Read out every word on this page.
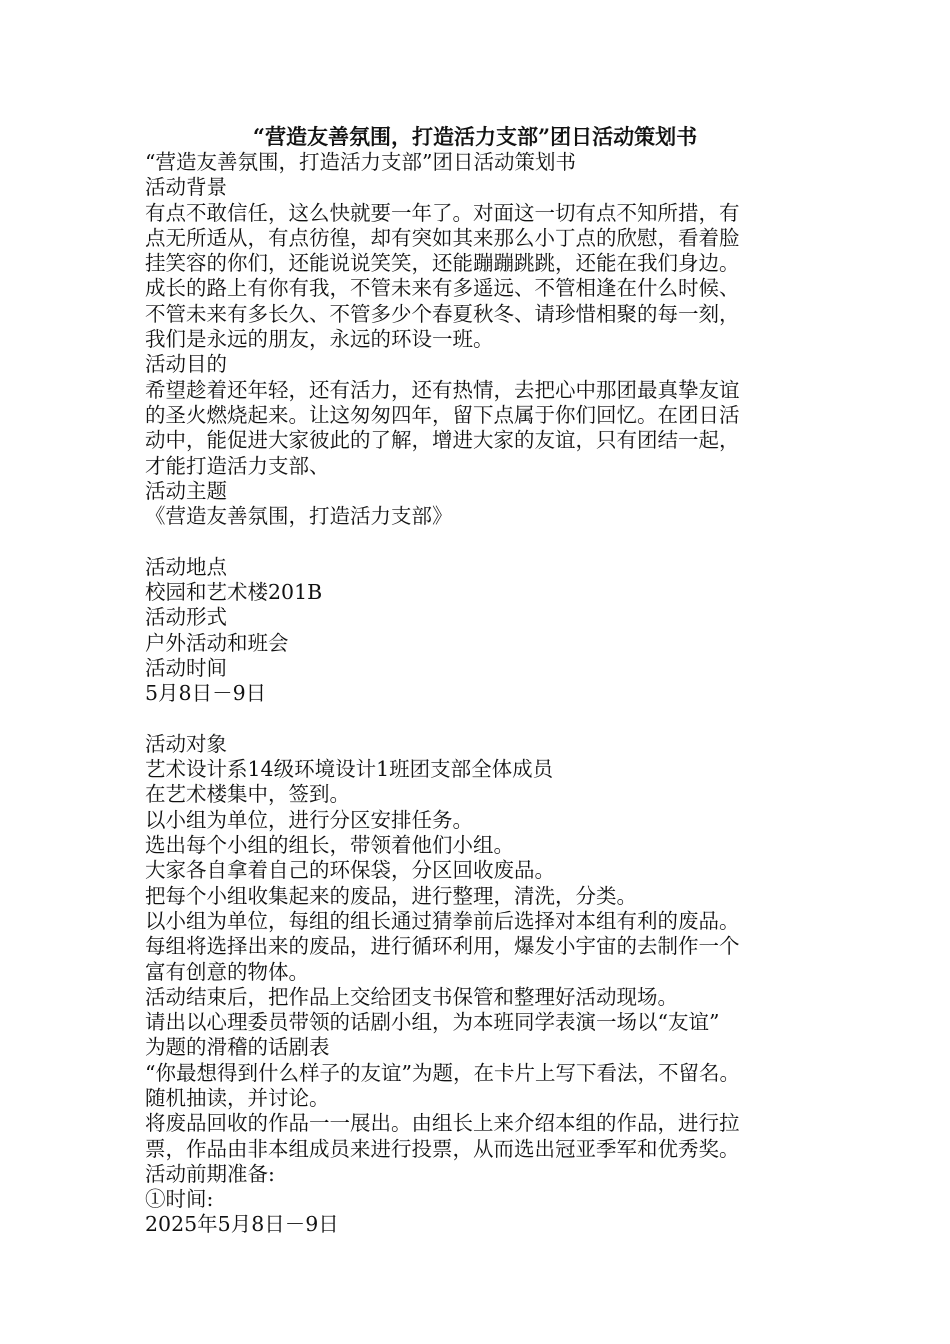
“营造友善氛围，打造活力支部”团日活动策划书
“营造友善氛围，打造活力支部”团日活动策划书
活动背景
有点不敢信任，这么快就要一年了。对面这一切有点不知所措，有
点无所适从，有点彷徨，却有突如其来那么小丁点的欣慰，看着脸
挂笑容的你们，还能说说笑笑，还能蹦蹦跳跳，还能在我们身边。
成长的路上有你有我，不管未来有多遥远、不管相逢在什么时候、
不管未来有多长久、不管多少个春夏秋冬、请珍惜相聚的每一刻，
我们是永远的朋友，永远的环设一班。
活动目的
希望趁着还年轻，还有活力，还有热情，去把心中那团最真挚友谊
的圣火燃烧起来。让这匆匆四年，留下点属于你们回忆。在团日活
动中，能促进大家彼此的了解，增进大家的友谊，只有团结一起，
才能打造活力支部、
活动主题
《营造友善氛围，打造活力支部》
活动地点
校园和艺术楼201B
活动形式
户外活动和班会
活动时间
5月8日－9日
活动对象
艺术设计系14级环境设计1班团支部全体成员
在艺术楼集中，签到。
以小组为单位，进行分区安排任务。
选出每个小组的组长，带领着他们小组。
大家各自拿着自己的环保袋，分区回收废品。
把每个小组收集起来的废品，进行整理，清洗，分类。
以小组为单位，每组的组长通过猜拳前后选择对本组有利的废品。
每组将选择出来的废品，进行循环利用，爆发小宇宙的去制作一个
富有创意的物体。
活动结束后，把作品上交给团支书保管和整理好活动现场。
请出以心理委员带领的话剧小组，为本班同学表演一场以“友谊”
为题的滑稽的话剧表
“你最想得到什么样子的友谊”为题，在卡片上写下看法，不留名。
随机抽读，并讨论。
将废品回收的作品一一展出。由组长上来介绍本组的作品，进行拉
票，作品由非本组成员来进行投票，从而选出冠亚季军和优秀奖。
活动前期准备:
①时间:
2025年5月8日－9日
